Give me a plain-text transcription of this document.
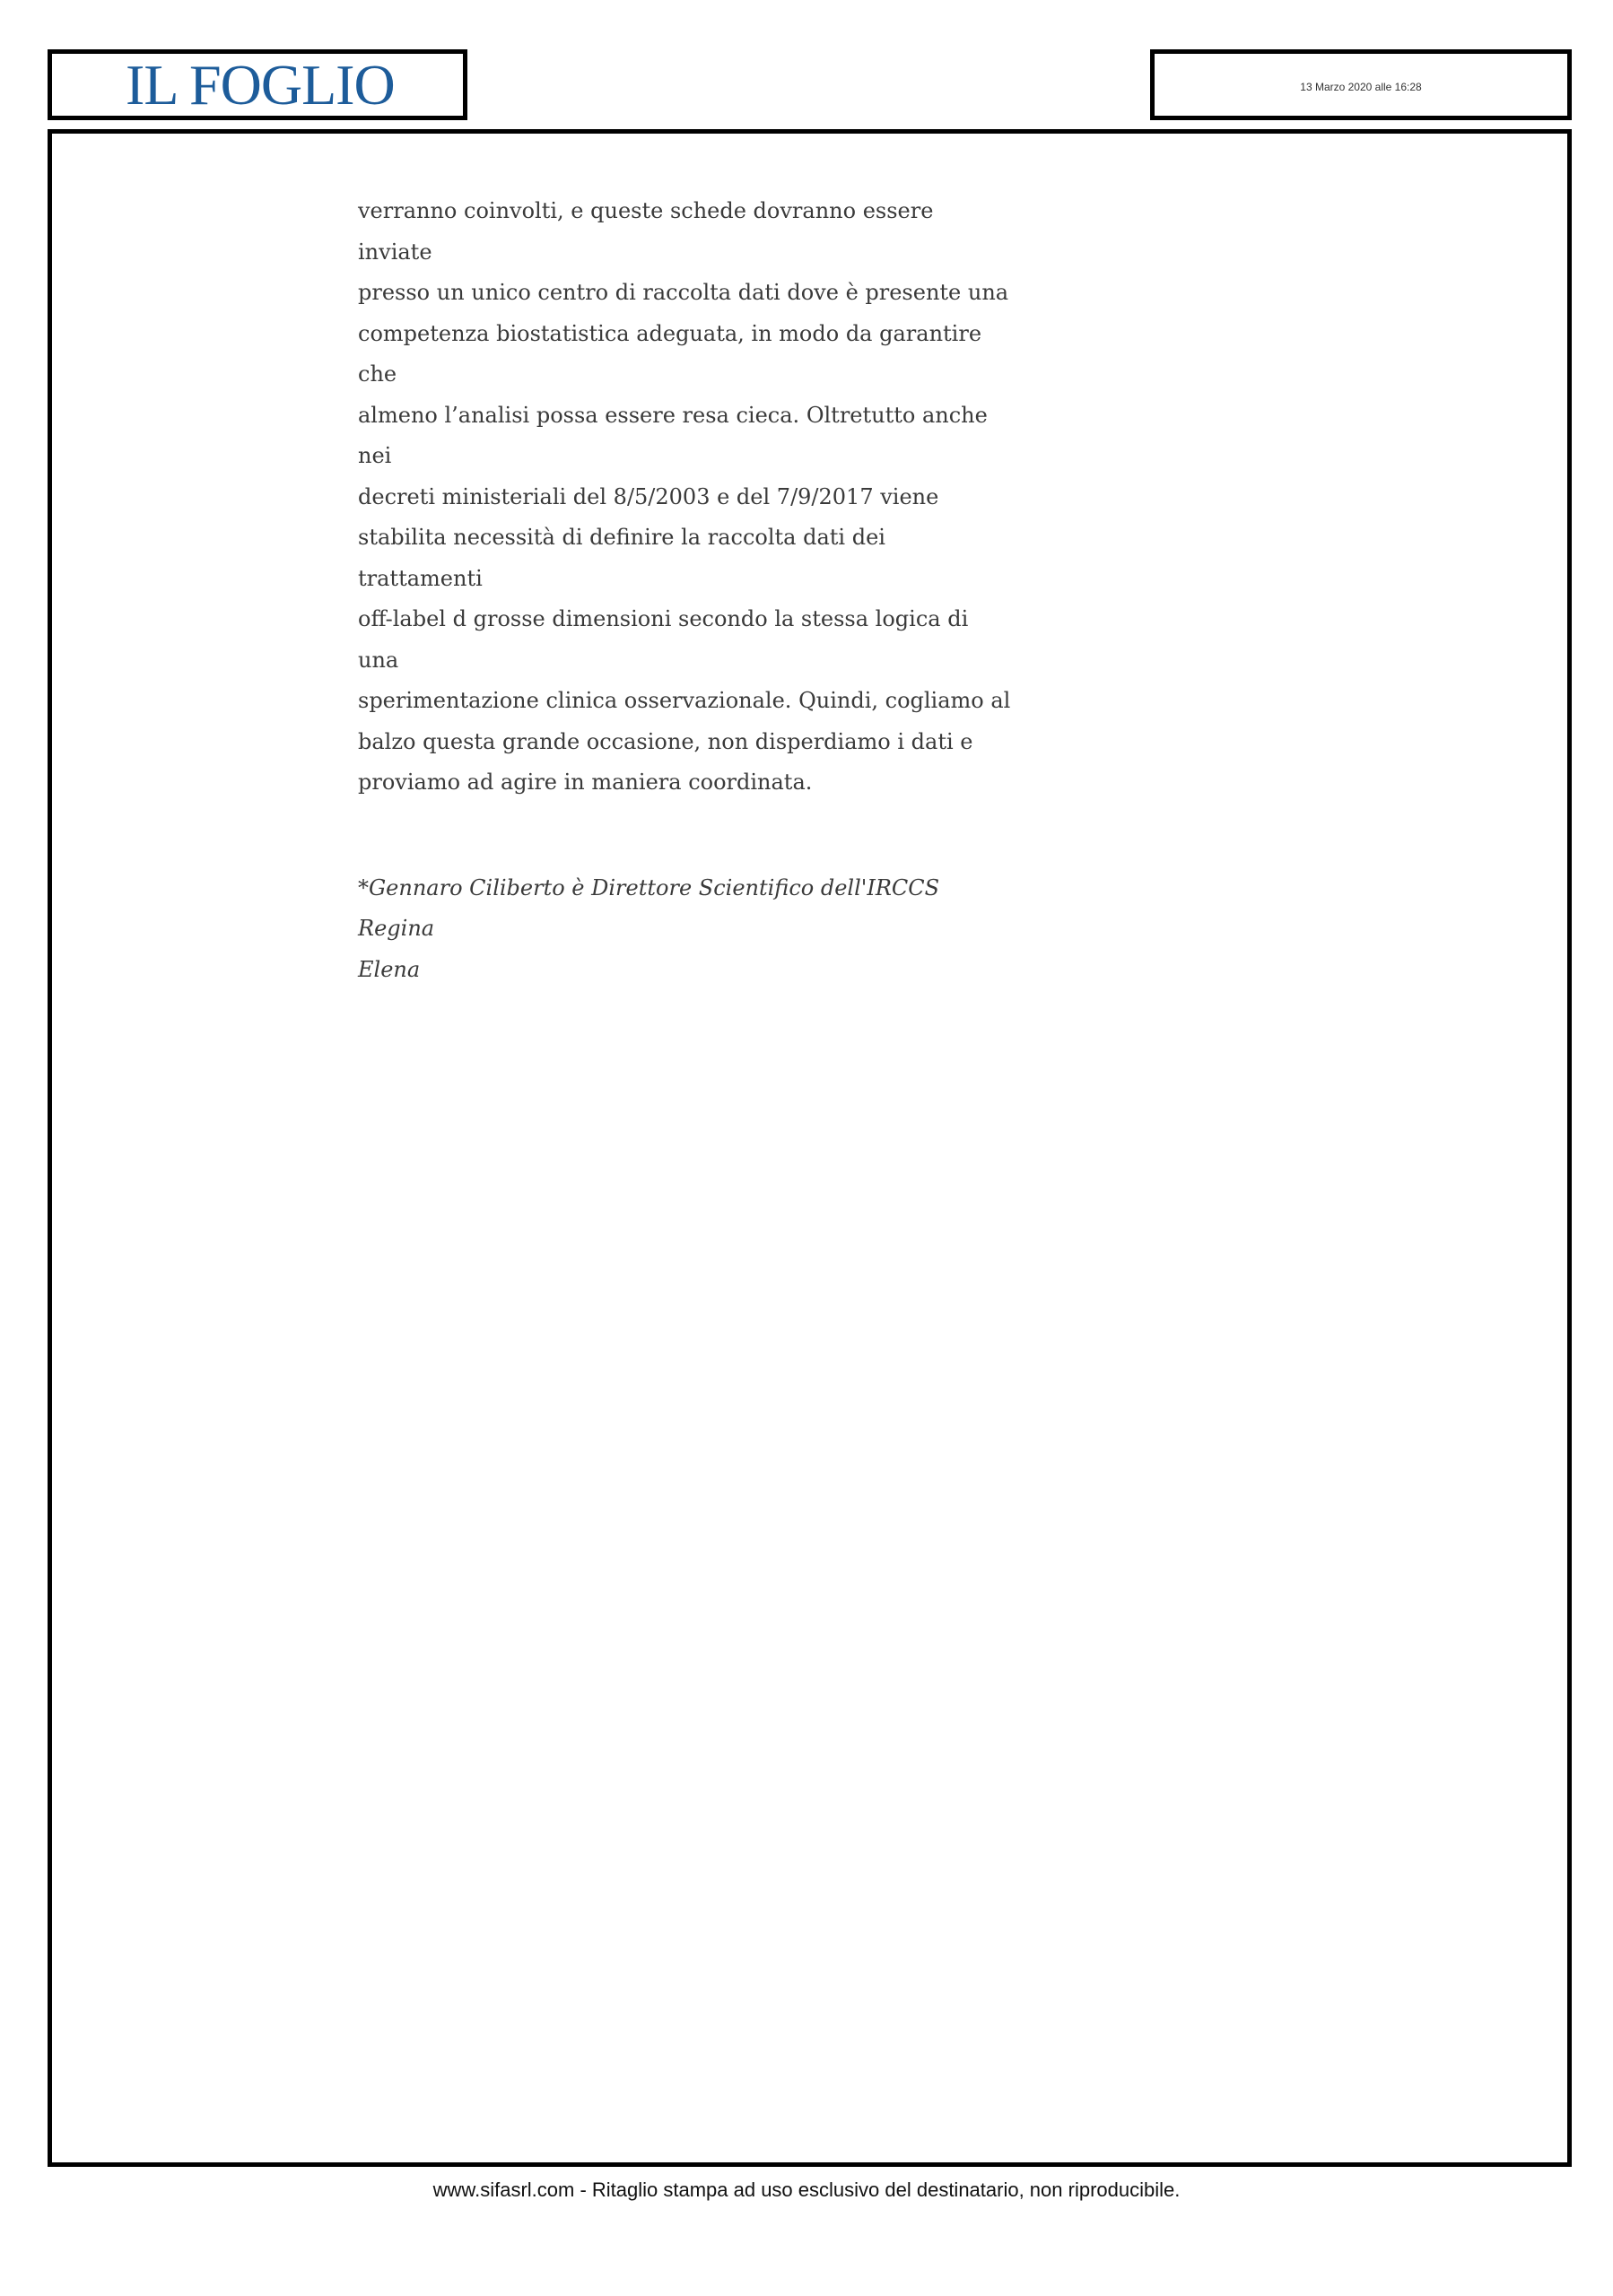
IL FOGLIO	13 Marzo 2020 alle 16:28

verranno coinvolti, e queste schede dovranno essere inviate
presso un unico centro di raccolta dati dove è presente una
competenza biostatistica adeguata, in modo da garantire che
almeno l’analisi possa essere resa cieca. Oltretutto anche nei
decreti ministeriali del 8/5/2003 e del 7/9/2017 viene
stabilita necessità di definire la raccolta dati dei trattamenti
off-label d grosse dimensioni secondo la stessa logica di una
sperimentazione clinica osservazionale. Quindi, cogliamo al
balzo questa grande occasione, non disperdiamo i dati e
proviamo ad agire in maniera coordinata.

*Gennaro Ciliberto è Direttore Scientifico dell'IRCCS Regina
Elena

www.sifasrl.com - Ritaglio stampa ad uso esclusivo del destinatario, non riproducibile.
